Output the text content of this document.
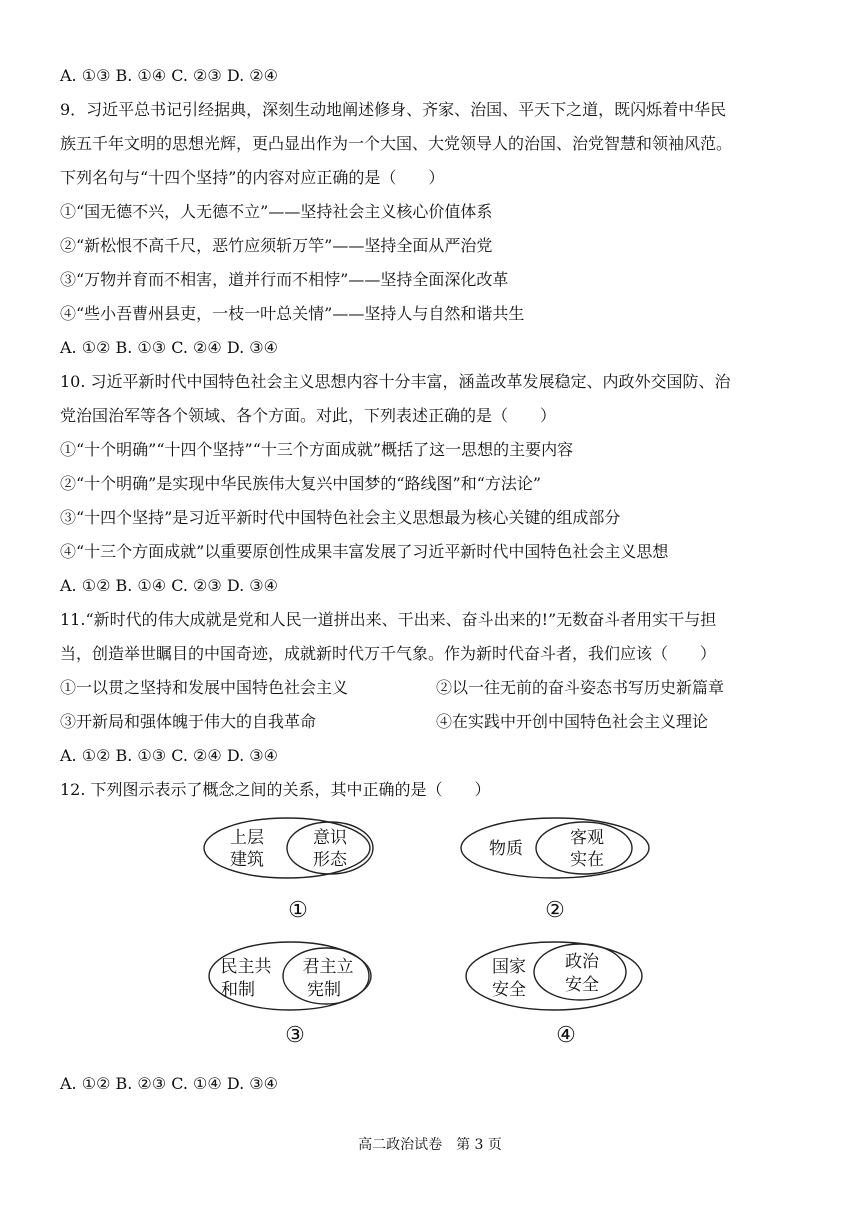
A. ①③ B. ①④ C. ②③ D. ②④
9．习近平总书记引经据典，深刻生动地阐述修身、齐家、治国、平天下之道，既闪烁着中华民
族五千年文明的思想光辉，更凸显出作为一个大国、大党领导人的治国、治党智慧和领袖风范。
下列名句与“十四个坚持”的内容对应正确的是（　　）
①“国无德不兴，人无德不立”——坚持社会主义核心价值体系
②“新松恨不高千尺，恶竹应须斩万竿”——坚持全面从严治党
③“万物并育而不相害，道并行而不相悖”——坚持全面深化改革
④“些小吾曹州县吏，一枝一叶总关情”——坚持人与自然和谐共生
A. ①② B. ①③ C. ②④ D. ③④
10. 习近平新时代中国特色社会主义思想内容十分丰富，涵盖改革发展稳定、内政外交国防、治
党治国治军等各个领域、各个方面。对此，下列表述正确的是（　　）
①“十个明确”“十四个坚持”“十三个方面成就”概括了这一思想的主要内容
②“十个明确”是实现中华民族伟大复兴中国梦的“路线图”和“方法论”
③“十四个坚持”是习近平新时代中国特色社会主义思想最为核心关键的组成部分
④“十三个方面成就”以重要原创性成果丰富发展了习近平新时代中国特色社会主义思想
A. ①② B. ①④ C. ②③ D. ③④
11.“新时代的伟大成就是党和人民一道拼出来、干出来、奋斗出来的!”无数奋斗者用实干与担
当，创造举世瞩目的中国奇迹，成就新时代万千气象。作为新时代奋斗者，我们应该（　　）
①一以贯之坚持和发展中国特色社会主义	②以一往无前的奋斗姿态书写历史新篇章
③开新局和强体魄于伟大的自我革命	④在实践中开创中国特色社会主义理论
A. ①② B. ①③ C. ②④ D. ③④
12. 下列图示表示了概念之间的关系，其中正确的是（　　）
上层
建筑
意识
形态
①
物质
客观
实在
②
民主共
和制
君主立
宪制
③
国家
安全
政治
安全
④
A. ①② B. ②③ C. ①④ D. ③④
高二政治试卷　第 3 页
